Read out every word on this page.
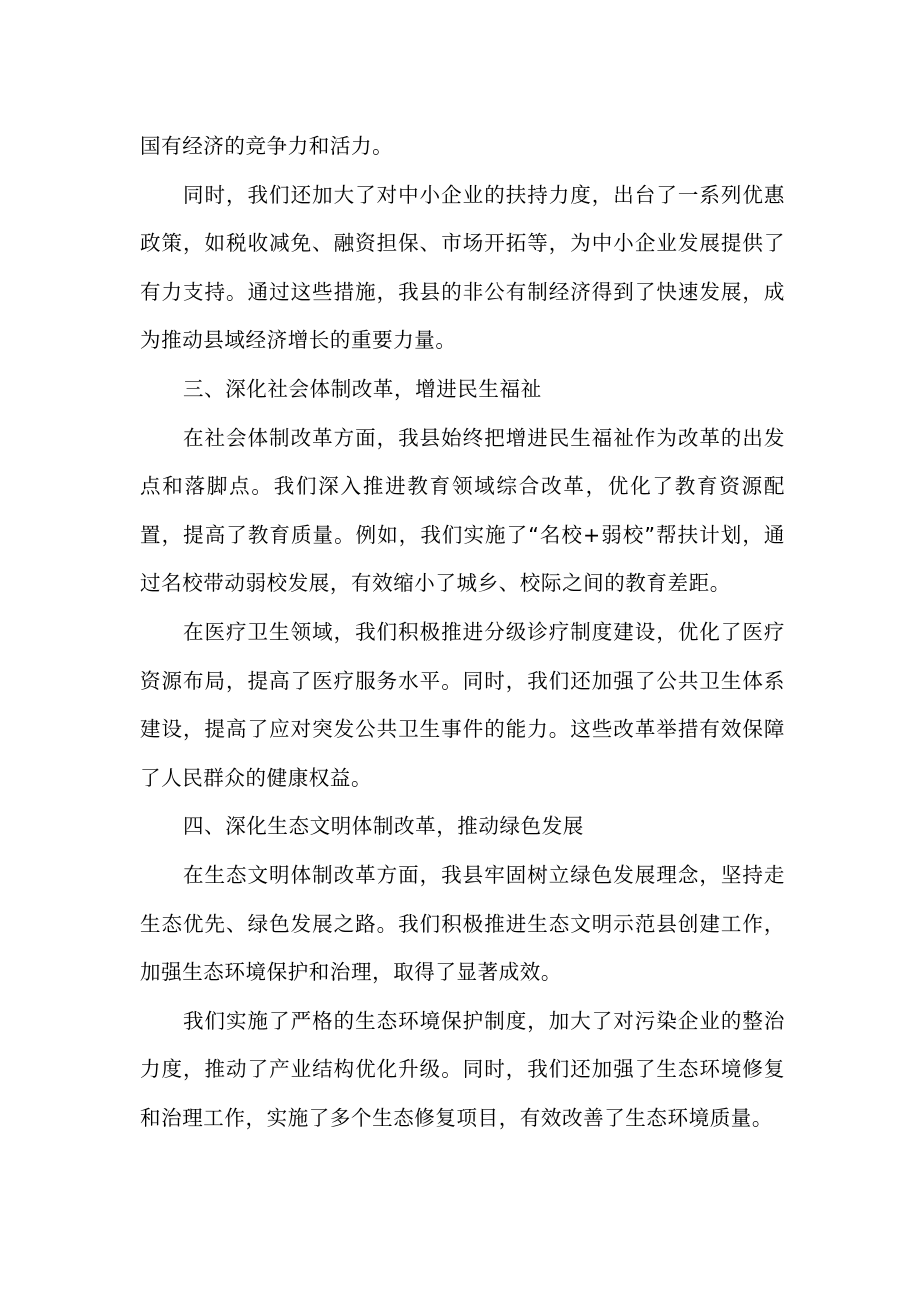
国有经济的竞争力和活力。

同时，我们还加大了对中小企业的扶持力度，出台了一系列优惠政策，如税收减免、融资担保、市场开拓等，为中小企业发展提供了有力支持。通过这些措施，我县的非公有制经济得到了快速发展，成为推动县域经济增长的重要力量。

三、深化社会体制改革，增进民生福祉

在社会体制改革方面，我县始终把增进民生福祉作为改革的出发点和落脚点。我们深入推进教育领域综合改革，优化了教育资源配置，提高了教育质量。例如，我们实施了“名校+弱校”帮扶计划，通过名校带动弱校发展，有效缩小了城乡、校际之间的教育差距。

在医疗卫生领域，我们积极推进分级诊疗制度建设，优化了医疗资源布局，提高了医疗服务水平。同时，我们还加强了公共卫生体系建设，提高了应对突发公共卫生事件的能力。这些改革举措有效保障了人民群众的健康权益。

四、深化生态文明体制改革，推动绿色发展

在生态文明体制改革方面，我县牢固树立绿色发展理念，坚持走生态优先、绿色发展之路。我们积极推进生态文明示范县创建工作，加强生态环境保护和治理，取得了显著成效。

我们实施了严格的生态环境保护制度，加大了对污染企业的整治力度，推动了产业结构优化升级。同时，我们还加强了生态环境修复和治理工作，实施了多个生态修复项目，有效改善了生态环境质量。
